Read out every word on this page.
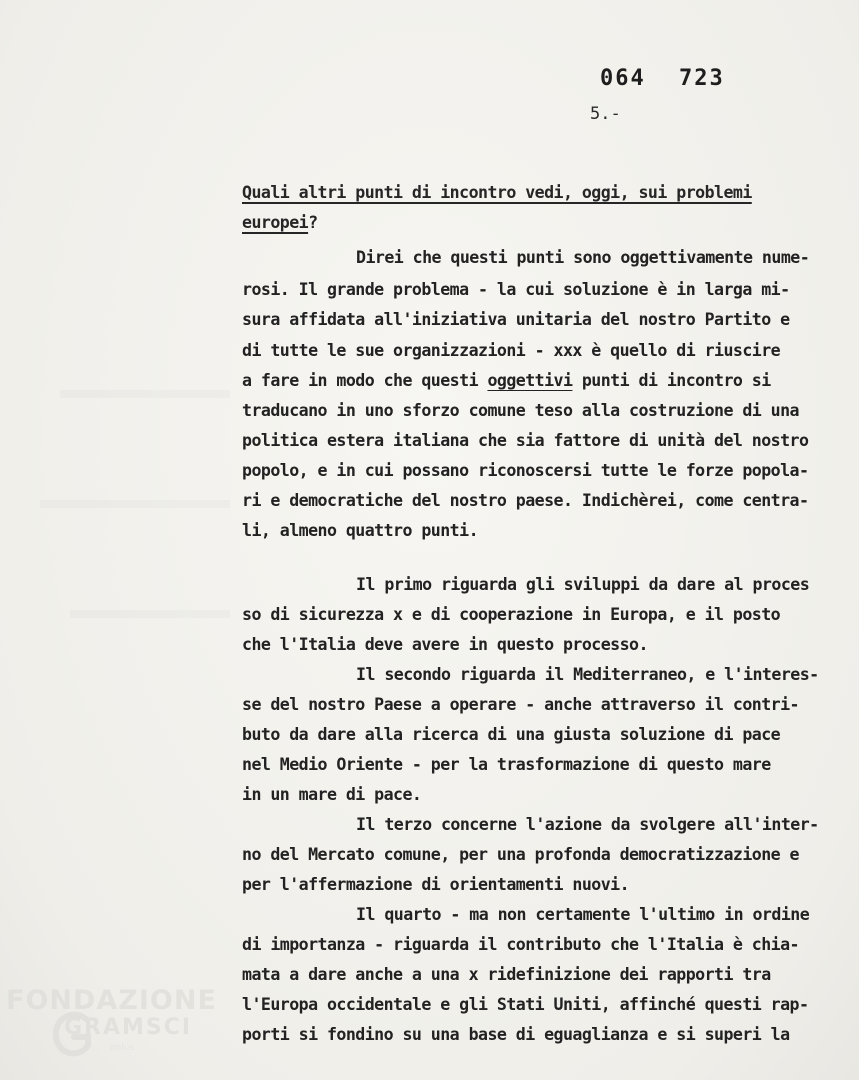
064 723
5.-
Quali altri punti di incontro vedi, oggi, sui problemi
europei?
Direi che questi punti sono oggettivamente nume-
rosi. Il grande problema - la cui soluzione è in larga mi-
sura affidata all'iniziativa unitaria del nostro Partito e
di tutte le sue organizzazioni - xxx è quello di riuscire
a fare in modo che questi oggettivi punti di incontro si
traducano in uno sforzo comune teso alla costruzione di una
politica estera italiana che sia fattore di unità del nostro
popolo, e in cui possano riconoscersi tutte le forze popola-
ri e democratiche del nostro paese. Indichèrei, come centra-
li, almeno quattro punti.
Il primo riguarda gli sviluppi da dare al proces
so di sicurezza x e di cooperazione in Europa, e il posto
che l'Italia deve avere in questo processo.
Il secondo riguarda il Mediterraneo, e l'interes-
se del nostro Paese a operare - anche attraverso il contri-
buto da dare alla ricerca di una giusta soluzione di pace
nel Medio Oriente - per la trasformazione di questo mare
in un mare di pace.
Il terzo concerne l'azione da svolgere all'inter-
no del Mercato comune, per una profonda democratizzazione e
per l'affermazione di orientamenti nuovi.
Il quarto - ma non certamente l'ultimo in ordine
di importanza - riguarda il contributo che l'Italia è chia-
mata a dare anche a una x ridefinizione dei rapporti tra
l'Europa occidentale e gli Stati Uniti, affinché questi rap-
porti si fondino su una base di eguaglianza e si superi la
FONDAZIONE
GRAMSCI
onlus
